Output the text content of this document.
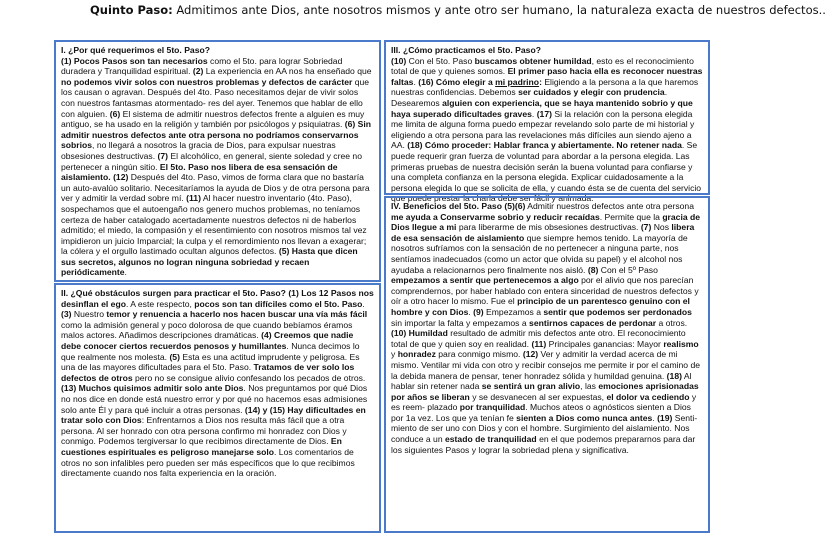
Quinto Paso: Admitimos ante Dios, ante nosotros mismos y ante otro ser humano, la naturaleza exacta de nuestros defectos..

I. ¿Por qué requerimos el 5to. Paso?
(1) Pocos Pasos son tan necesarios como el 5to. para lograr Sobriedad duradera y Tranquilidad espiritual. (2) La experiencia en AA nos ha enseñado que no podemos vivir solos con nuestros problemas y defectos de carácter que los causan o agravan. Después del 4to. Paso necesitamos dejar de vivir solos con nuestros fantasmas atormentado- res del ayer. Tenemos que hablar de ello con alguien. (6) El sistema de admitir nuestros defectos frente a alguien es muy antiguo, se ha usado en la religión y también por psicólogos y psiquiatras. (6) Sin admitir nuestros defectos ante otra persona no podríamos conservarnos sobrios, no llegará a nosotros la gracia de Dios, para expulsar nuestras obsesiones destructivas. (7) El alcohólico, en general, siente soledad y cree no pertenecer a ningún sitio. El 5to. Paso nos libera de esa sensación de aislamiento. (12) Después del 4to. Paso, vimos de forma clara que no bastaría un auto-avalúo solitario. Necesitaríamos la ayuda de Dios y de otra persona para ver y admitir la verdad sobre mí. (11) Al hacer nuestro inventario (4to. Paso), sospechamos que el autoengaño nos genero muchos problemas, no teníamos certeza de haber catalogado acertadamente nuestros defectos ni de haberlos admitido; el miedo, la compasión y el resentimiento con nosotros mismos tal vez impidieron un juicio Imparcial; la culpa y el remordimiento nos llevan a exagerar; la cólera y el orgullo lastimado ocultan algunos defectos. (5) Hasta que dicen sus secretos, algunos no logran ninguna sobriedad y recaen periódicamente.

II. ¿Qué obstáculos surgen para practicar el 5to. Paso? (1) Los 12 Pasos nos desinflan el ego. A este respecto, pocos son tan difíciles como el 5to. Paso. (3) Nuestro temor y renuencia a hacerlo nos hacen buscar una vía más fácil como la admisión general y poco dolorosa de que cuando bebíamos éramos malos actores. Añadimos descripciones dramáticas. (4) Creemos que nadie debe conocer ciertos recuerdos penosos y humillantes. Nunca decimos lo que realmente nos molesta. (5) Esta es una actitud imprudente y peligrosa. Es una de las mayores dificultades para el 5to. Paso. Tratamos de ver solo los defectos de otros pero no se consigue alivio confesando los pecados de otros. (13) Muchos quisimos admitir solo ante Dios. Nos preguntamos por qué Dios no nos dice en donde está nuestro error y por qué no hacemos esas admisiones solo ante Él y para qué incluir a otras personas. (14) y (15) Hay dificultades en tratar solo con Dios: Enfrentarnos a Dios nos resulta más fácil que a otra persona. Al ser honrado con otra persona confirmo mi honradez con Dios y conmigo. Podemos tergiversar lo que recibimos directamente de Dios. En cuestiones espirituales es peligroso manejarse solo. Los comentarios de otros no son infalibles pero pueden ser más específicos que lo que recibimos directamente cuando nos falta experiencia en la oración.

III. ¿Cómo practicamos el 5to. Paso?
(10) Con el 5to. Paso buscamos obtener humildad, esto es el reconocimiento total de que y quienes somos. El primer paso hacia ella es reconocer nuestras faltas. (16) Cómo elegir a mi padrino: Eligiendo a la persona a la que haremos nuestras confidencias. Debemos ser cuidados y elegir con prudencia. Desearemos alguien con experiencia, que se haya mantenido sobrio y que haya superado dificultades graves. (17) Si la relación con la persona elegida me limita de alguna forma puedo empezar revelando solo parte de mi historial y eligiendo a otra persona para las revelaciones más difíciles aun siendo ajeno a AA. (18) Cómo proceder: Hablar franca y abiertamente. No retener nada. Se puede requerir gran fuerza de voluntad para abordar a la persona elegida. Las primeras pruebas de nuestra decisión serán la buena voluntad para confiarse y una completa confianza en la persona elegida. Explicar cuidadosamente a la persona elegida lo que se solicita de ella, y cuando ésta se de cuenta del servicio que puede prestar la charla debe ser fácil y animada.

IV. Beneficios del 5to. Paso (5)(6) Admitir nuestros defectos ante otra persona me ayuda a Conservarme sobrio y reducir recaídas. Permite que la gracia de Dios llegue a mi para liberarme de mis obsesiones destructivas. (7) Nos libera de esa sensación de aislamiento que siempre hemos tenido. La mayoría de nosotros sufríamos con la sensación de no pertenecer a ninguna parte, nos sentíamos inadecuados (como un actor que olvida su papel) y el alcohol nos ayudaba a relacionarnos pero finalmente nos aisló. (8) Con el 5º Paso empezamos a sentir que pertenecemos a algo por el alivio que nos parecían comprendernos, por haber hablado con entera sinceridad de nuestros defectos y oír a otro hacer lo mismo. Fue el principio de un parentesco genuino con el hombre y con Dios. (9) Empezamos a sentir que podemos ser perdonados sin importar la falta y empezamos a sentirnos capaces de perdonar a otros. (10) Humildad resultado de admitir mis defectos ante otro. El reconocimiento total de que y quien soy en realidad. (11) Principales ganancias: Mayor realismo y honradez para conmigo mismo. (12) Ver y admitir la verdad acerca de mi mismo. Ventilar mi vida con otro y recibir consejos me permite ir por el camino de la debida manera de pensar, tener honradez sólida y humildad genuina. (18) Al hablar sin retener nada se sentirá un gran alivio, las emociones aprisionadas por años se liberan y se desvanecen al ser expuestas, el dolor va cediendo y es reem- plazado por tranquilidad. Muchos ateos o agnósticos sienten a Dios por 1a vez. Los que ya tenían fe sienten a Dios como nunca antes. (19) Senti-miento de ser uno con Dios y con el hombre. Surgimiento del aislamiento. Nos conduce a un estado de tranquilidad en el que podemos prepararnos para dar los siguientes Pasos y lograr la sobriedad plena y significativa.
